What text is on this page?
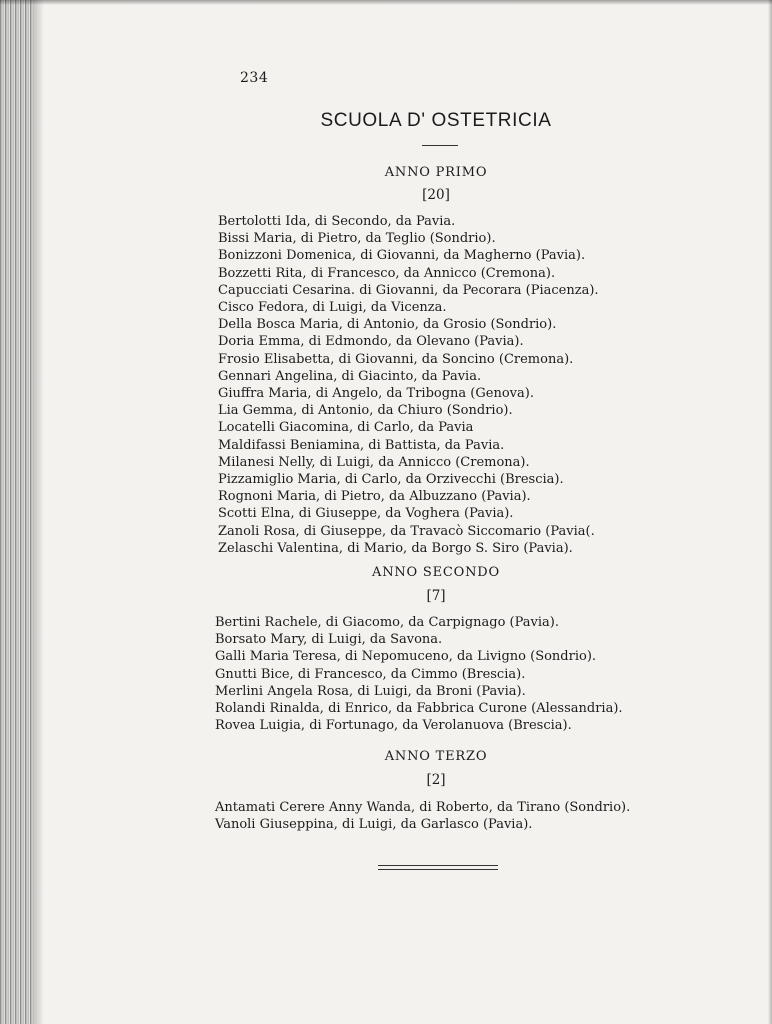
234
SCUOLA D' OSTETRICIA
ANNO PRIMO
[20]
Bertolotti Ida, di Secondo, da Pavia.
Bissi Maria, di Pietro, da Teglio (Sondrio).
Bonizzoni Domenica, di Giovanni, da Magherno (Pavia).
Bozzetti Rita, di Francesco, da Annicco (Cremona).
Capucciati Cesarina. di Giovanni, da Pecorara (Piacenza).
Cisco Fedora, di Luigi, da Vicenza.
Della Bosca Maria, di Antonio, da Grosio (Sondrio).
Doria Emma, di Edmondo, da Olevano (Pavia).
Frosio Elisabetta, di Giovanni, da Soncino (Cremona).
Gennari Angelina, di Giacinto, da Pavia.
Giuffra Maria, di Angelo, da Tribogna (Genova).
Lia Gemma, di Antonio, da Chiuro (Sondrio).
Locatelli Giacomina, di Carlo, da Pavia
Maldifassi Beniamina, di Battista, da Pavia.
Milanesi Nelly, di Luigi, da Annicco (Cremona).
Pizzamiglio Maria, di Carlo, da Orzivecchi (Brescia).
Rognoni Maria, di Pietro, da Albuzzano (Pavia).
Scotti Elna, di Giuseppe, da Voghera (Pavia).
Zanoli Rosa, di Giuseppe, da Travacò Siccomario (Pavia(.
Zelaschi Valentina, di Mario, da Borgo S. Siro (Pavia).
ANNO SECONDO
[7]
Bertini Rachele, di Giacomo, da Carpignago (Pavia).
Borsato Mary, di Luigi, da Savona.
Galli Maria Teresa, di Nepomuceno, da Livigno (Sondrio).
Gnutti Bice, di Francesco, da Cimmo (Brescia).
Merlini Angela Rosa, di Luigi, da Broni (Pavia).
Rolandi Rinalda, di Enrico, da Fabbrica Curone (Alessandria).
Rovea Luigia, di Fortunago, da Verolanuova (Brescia).
ANNO TERZO
[2]
Antamati Cerere Anny Wanda, di Roberto, da Tirano (Sondrio).
Vanoli Giuseppina, di Luigi, da Garlasco (Pavia).
